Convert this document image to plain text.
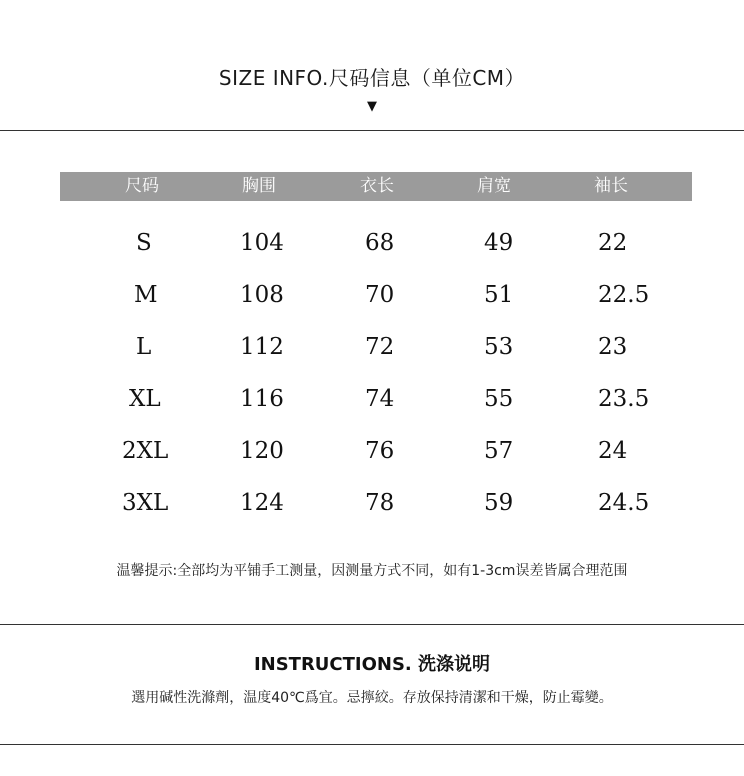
SIZE INFO.尺码信息（单位CM）
▼
尺码	胸围	衣长	肩宽	袖长
S	104	68	49	22
M	108	70	51	22.5
L	112	72	53	23
XL	116	74	55	23.5
2XL	120	76	57	24
3XL	124	78	59	24.5
温馨提示:全部均为平铺手工测量，因测量方式不同，如有1-3cm误差皆属合理范围
INSTRUCTIONS. 洗涤说明
選用碱性洗滌劑，温度40℃爲宜。忌擰絞。存放保持清潔和干燥，防止霉變。
